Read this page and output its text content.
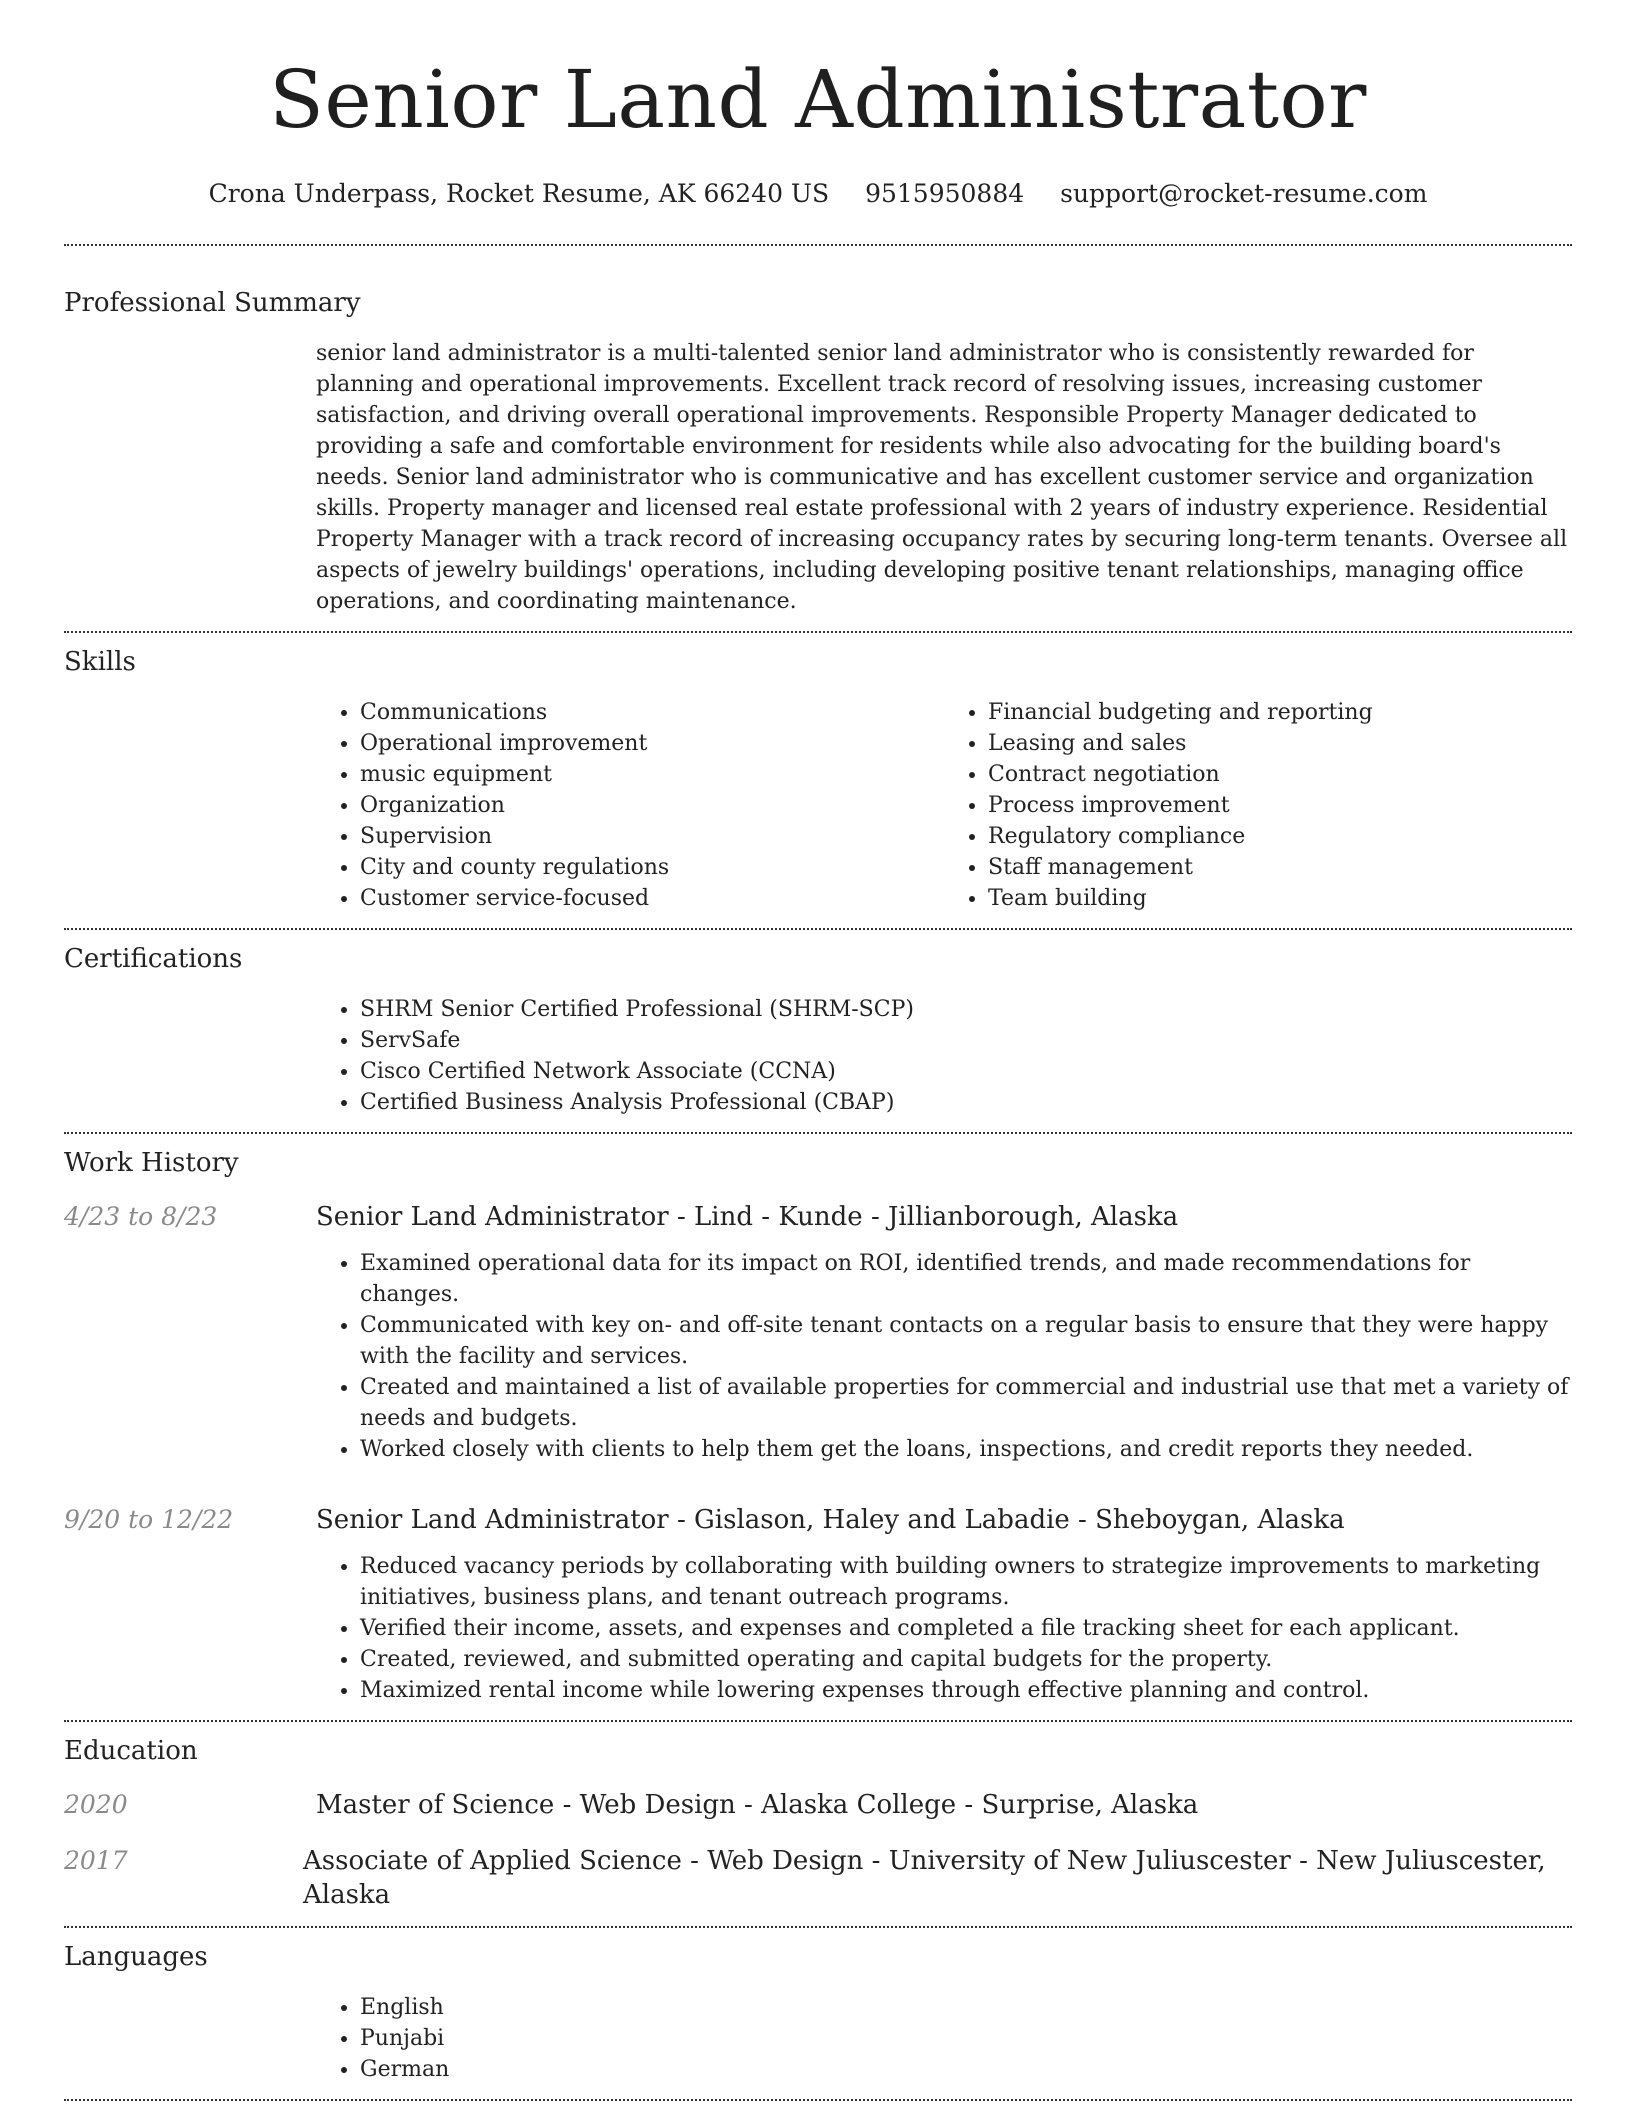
Senior Land Administrator
Crona Underpass, Rocket Resume, AK 66240 US 9515950884 support@rocket-resume.com
Professional Summary
senior land administrator is a multi-talented senior land administrator who is consistently rewarded for planning and operational improvements. Excellent track record of resolving issues, increasing customer satisfaction, and driving overall operational improvements. Responsible Property Manager dedicated to providing a safe and comfortable environment for residents while also advocating for the building board's needs. Senior land administrator who is communicative and has excellent customer service and organization skills. Property manager and licensed real estate professional with 2 years of industry experience. Residential Property Manager with a track record of increasing occupancy rates by securing long-term tenants. Oversee all aspects of jewelry buildings' operations, including developing positive tenant relationships, managing office operations, and coordinating maintenance.
Skills
• Communications
• Operational improvement
• music equipment
• Organization
• Supervision
• City and county regulations
• Customer service-focused
• Financial budgeting and reporting
• Leasing and sales
• Contract negotiation
• Process improvement
• Regulatory compliance
• Staff management
• Team building
Certifications
• SHRM Senior Certified Professional (SHRM-SCP)
• ServSafe
• Cisco Certified Network Associate (CCNA)
• Certified Business Analysis Professional (CBAP)
Work History
4/23 to 8/23	Senior Land Administrator - Lind - Kunde - Jillianborough, Alaska
• Examined operational data for its impact on ROI, identified trends, and made recommendations for changes.
• Communicated with key on- and off-site tenant contacts on a regular basis to ensure that they were happy with the facility and services.
• Created and maintained a list of available properties for commercial and industrial use that met a variety of needs and budgets.
• Worked closely with clients to help them get the loans, inspections, and credit reports they needed.
9/20 to 12/22	Senior Land Administrator - Gislason, Haley and Labadie - Sheboygan, Alaska
• Reduced vacancy periods by collaborating with building owners to strategize improvements to marketing initiatives, business plans, and tenant outreach programs.
• Verified their income, assets, and expenses and completed a file tracking sheet for each applicant.
• Created, reviewed, and submitted operating and capital budgets for the property.
• Maximized rental income while lowering expenses through effective planning and control.
Education
2020	Master of Science - Web Design - Alaska College - Surprise, Alaska
2017	Associate of Applied Science - Web Design - University of New Juliuscester - New Juliuscester, Alaska
Languages
• English
• Punjabi
• German
